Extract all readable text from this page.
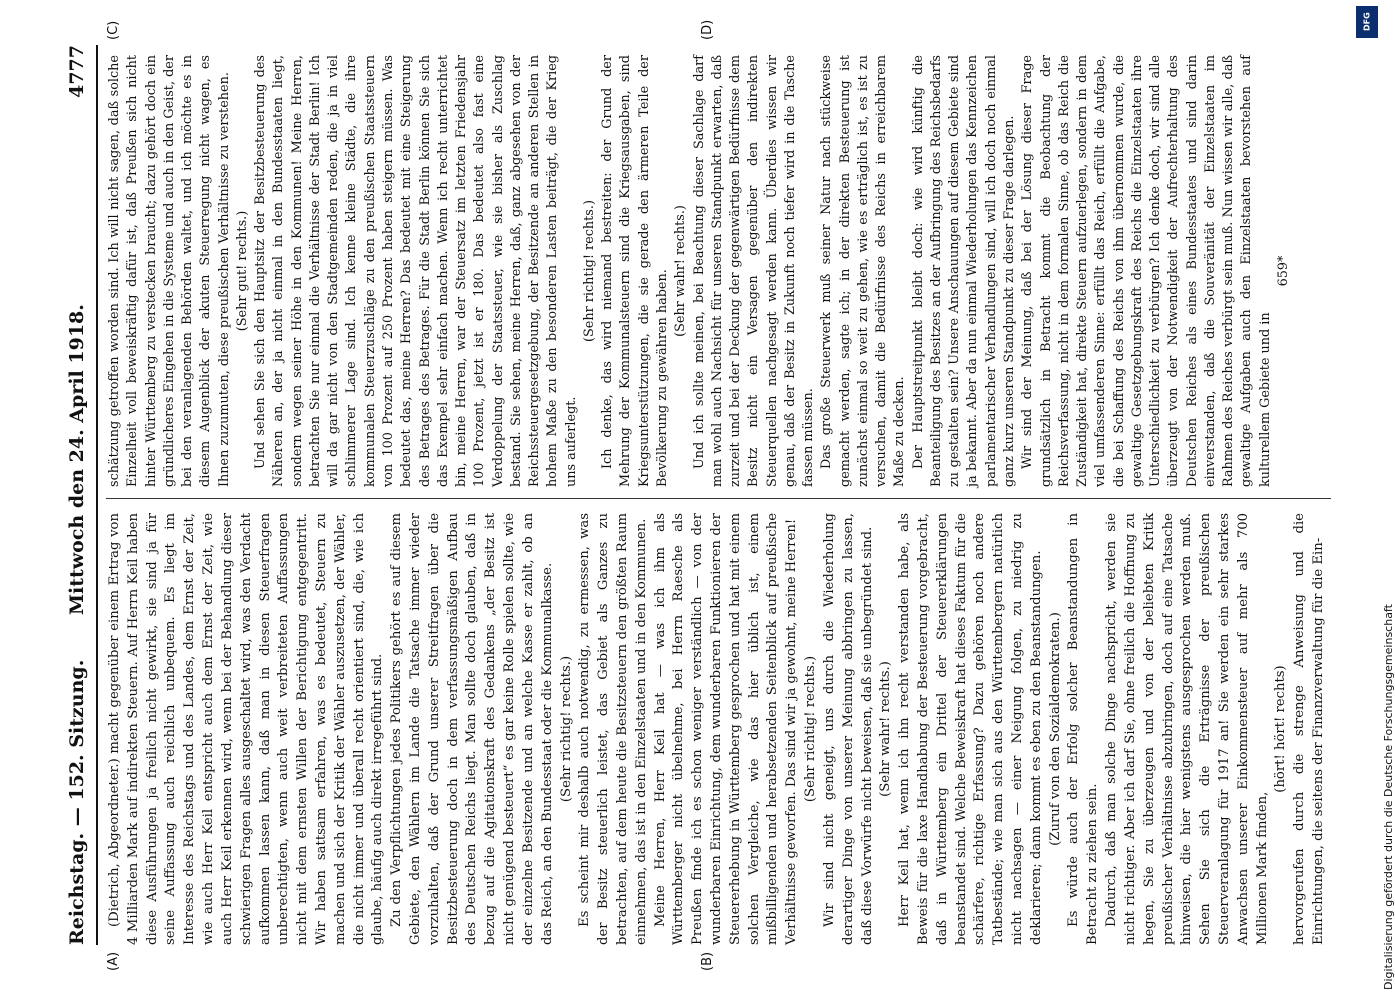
Reichstag. — 152. Sitzung.
Mittwoch den 24. April 1918.
4777
(A)	(B)
(C)	(D)

(Dietrich, Abgeordneter.) macht gegenüber einem Ertrag von 4 Milliarden Mark auf indirekten Steuern. Auf Herrn Keil haben diese Ausführungen ja freilich nicht gewirkt, sie sind ja für seine Auffassung auch reichlich unbequem. Es liegt im Interesse des Reichstags und des Landes, dem Ernst der Zeit, wie auch Herr Keil entspricht auch dem Ernst der Zeit, wie auch Herr Keil erkennen wird, wenn bei der Behandlung dieser schwierigen Fragen alles ausgeschaltet wird, was den Verdacht aufkommen lassen kann, daß man in diesen Steuerfragen unberechtigten, wenn auch weit verbreiteten Auffassungen nicht mit dem ernsten Willen der Berichtigung entgegentritt. Wir haben sattsam erfahren, was es bedeutet, Steuern zu machen und sich der Kritik der Wähler auszusetzen, der Wähler, die nicht immer und überall recht orientiert sind, die, wie ich glaube, häufig auch direkt irregeführt sind. Zu den Verpflichtungen jedes Politikers gehört es auf diesem Gebiete, den Wählern im Lande die Tatsache immer wieder vorzuhalten, daß der Grund unserer Streitfragen über die Besitzbesteuerung doch in dem verfassungsmäßigen Aufbau des Deutschen Reichs liegt. Man sollte doch glauben, daß in bezug auf die Agitationskraft des Gedankens „der Besitz ist nicht genügend besteuert“ es gar keine Rolle spielen sollte, wie der einzelne Besitzende und an welche Kasse er zahlt, ob an das Reich, an den Bundesstaat oder die Kommunalkasse. (Sehr richtig! rechts.) Es scheint mir deshalb auch notwendig, zu ermessen, was der Besitz steuerlich leistet, das Gebiet als Ganzes zu betrachten, auf dem heute die Besitzsteuern den größten Raum einnehmen, das ist in den Einzelstaaten und in den Kommunen. Meine Herren, Herr Keil hat — was ich ihm als Württemberger nicht übelnehme, bei Herrn Raesche als Preußen finde ich es schon weniger verständlich — von der wunderbaren Einrichtung, dem wunderbaren Funktionieren der Steuererhebung in Württemberg gesprochen und hat mit einem solchen Vergleiche, wie das hier üblich ist, einem mißbilligenden und herabsetzenden Seitenblick auf preußische Verhältnisse geworfen. Das sind wir ja gewohnt, meine Herren! (Sehr richtig! rechts.) Wir sind nicht geneigt, uns durch die Wiederholung derartiger Dinge von unserer Meinung abbringen zu lassen, daß diese Vorwürfe nicht beweisen, daß sie unbegründet sind. (Sehr wahr! rechts.) Herr Keil hat, wenn ich ihn recht verstanden habe, als Beweis für die laxe Handhabung der Besteuerung vorgebracht, daß in Württemberg ein Drittel der Steuererklärungen beanstandet sind. Welche Beweiskraft hat dieses Faktum für die schärfere, richtige Erfassung? Dazu gehören noch andere Tatbestände; wie man sich aus den Württembergern natürlich nicht nachsagen — einer Neigung folgen, zu niedrig zu deklarieren; dann kommt es eben zu den Beanstandungen. (Zuruf von den Sozialdemokraten.) Es würde auch der Erfolg solcher Beanstandungen in Betracht zu ziehen sein. Dadurch, daß man solche Dinge nachspricht, werden sie nicht richtiger. Aber ich darf Sie, ohne freilich die Hoffnung zu hegen, Sie zu überzeugen und von der beliebten Kritik preußischer Verhältnisse abzubringen, doch auf eine Tatsache hinweisen, die hier wenigstens ausgesprochen werden muß. Sehen Sie sich die Erträgnisse der preußischen Steuerveranlagung für 1917 an! Sie werden ein sehr starkes Anwachsen unserer Einkommensteuer auf mehr als 700 Millionen Mark finden,

(hört! hört! rechts) hervorgerufen durch die strenge Anweisung und die Einrichtungen, die seitens der Finanzverwaltung für die Ein-

schätzung getroffen worden sind. Ich will nicht sagen, daß solche Einzelheit voll beweiskräftig dafür ist, daß Preußen sich nicht hinter Württemberg zu verstecken braucht; dazu gehört doch ein gründlicheres Eingehen in die Systeme und auch in den Geist, der bei den veranlagenden Behörden waltet, und ich möchte es in diesem Augenblick der akuten Steuerregung nicht wagen, es Ihnen zuzumuten, diese preußischen Verhältnisse zu verstehen. (Sehr gut! rechts.) Und sehen Sie sich den Hauptsitz der Besitzbesteuerung des Näheren an, der ja nicht einmal in den Bundesstaaten liegt, sondern wegen seiner Höhe in den Kommunen! Meine Herren, betrachten Sie nur einmal die Verhältnisse der Stadt Berlin! Ich will da gar nicht von den Stadtgemeinden reden, die ja in viel schlimmerer Lage sind. Ich kenne kleine Städte, die ihre kommunalen Steuerzuschläge zu den preußischen Staatssteuern von 100 Prozent auf 250 Prozent haben steigern müssen. Was bedeutet das, meine Herren? Das bedeutet mit eine Steigerung des Betrages des Betrages. Für die Stadt Berlin können Sie sich das Exempel sehr einfach machen. Wenn ich recht unterrichtet bin, meine Herren, war der Steuersatz im letzten Friedensjahr 100 Prozent, jetzt ist er 180. Das bedeutet also fast eine Verdoppelung der Staatssteuer, wie sie bisher als Zuschlag bestand. Sie sehen, meine Herren, daß, ganz abgesehen von der Reichssteuergesetzgebung, der Besitzende an anderen Stellen in hohem Maße zu den besonderen Lasten beiträgt, die der Krieg uns auferlegt.

(Sehr richtig! rechts.) Ich denke, das wird niemand bestreiten: der Grund der Mehrung der Kommunalsteuern sind die Kriegsausgaben, sind Kriegsunterstützungen, die sie gerade den ärmeren Teile der Bevölkerung zu gewähren haben. (Sehr wahr! rechts.) Und ich sollte meinen, bei Beachtung dieser Sachlage darf man wohl auch Nachsicht für unseren Standpunkt erwarten, daß zurzeit und bei der Deckung der gegenwärtigen Bedürfnisse dem Besitz nicht ein Versagen gegenüber den indirekten Steuerquellen nachgesagt werden kann. Überdies wissen wir genau, daß der Besitz in Zukunft noch tiefer wird in die Tasche fassen müssen. Das große Steuerwerk muß seiner Natur nach stückweise gemacht werden, sagte ich; in der direkten Besteuerung ist zunächst einmal so weit zu gehen, wie es erträglich ist, es ist zu versuchen, damit die Bedürfnisse des Reichs in erreichbarem Maße zu decken. Der Hauptstreitpunkt bleibt doch: wie wird künftig die Beanteiligung des Besitzes an der Aufbringung des Reichsbedarfs zu gestalten sein? Unsere Anschauungen auf diesem Gebiete sind ja bekannt. Aber da nun einmal Wiederholungen das Kennzeichen parlamentarischer Verhandlungen sind, will ich doch noch einmal ganz kurz unseren Standpunkt zu dieser Frage darlegen. Wir sind der Meinung, daß bei der Lösung dieser Frage grundsätzlich in Betracht kommt die Beobachtung der Reichsverfassung, nicht in dem formalen Sinne, ob das Reich die Zuständigkeit hat, direkte Steuern aufzuerlegen, sondern in dem viel umfassenderen Sinne: erfüllt das Reich, erfüllt die Aufgabe, die bei Schaffung des Reichs von ihm übernommen wurde, die gewaltige Gesetzgebungskraft des Reichs die Einzelstaaten ihre Unterschiedlichkeit zu verbürgen? Ich denke doch, wir sind alle überzeugt von der Notwendigkeit der Aufrechterhaltung des Deutschen Reiches als eines Bundesstaates und sind darin einverstanden, daß die Souveränität der Einzelstaaten im Rahmen des Reiches verbürgt sein muß. Nun wissen wir alle, daß gewaltige Aufgaben auch den Einzelstaaten bevorstehen auf kulturellem Gebiete und in

659*

DFG
Digitalisierung gefördert durch die Deutsche Forschungsgemeinschaft
